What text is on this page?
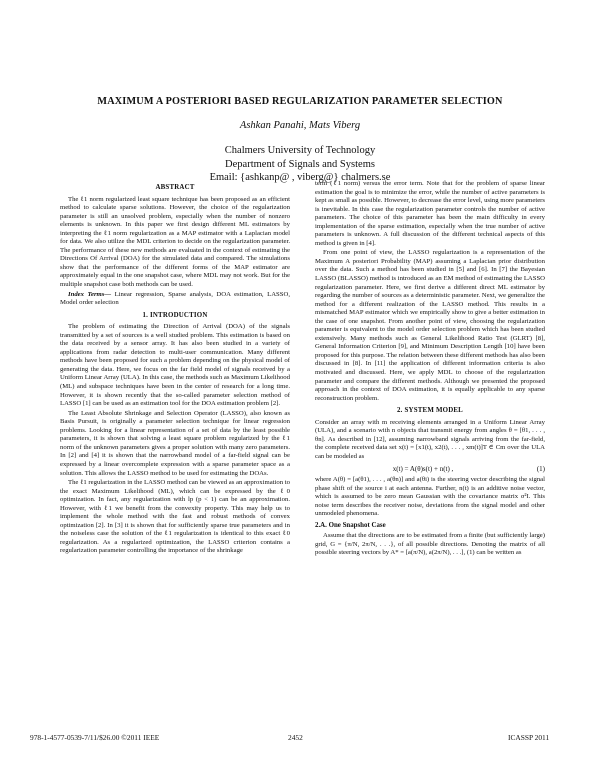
MAXIMUM A POSTERIORI BASED REGULARIZATION PARAMETER SELECTION
Ashkan Panahi, Mats Viberg
Chalmers University of Technology
Department of Signals and Systems
Email: {ashkanp@ , viberg@} chalmers.se
ABSTRACT

The ℓ1 norm regularized least square technique has been proposed as an efficient method to calculate sparse solutions. However, the choice of the regularization parameter is still an unsolved problem, especially when the number of nonzero elements is unknown. In this paper we first design different ML estimators by interpreting the ℓ1 norm regularization as a MAP estimator with a Laplacian model for data. We also utilize the MDL criterion to decide on the regularization parameter. The performance of these new methods are evaluated in the context of estimating the Directions Of Arrival (DOA) for the simulated data and compared. The simulations show that the performance of the different forms of the MAP estimator are approximately equal in the one snapshot case, where MDL may not work. But for the multiple snapshot case both methods can be used.

Index Terms— Linear regression, Sparse analysis, DOA estimation, LASSO, Model order selection

1. INTRODUCTION

The problem of estimating the Direction of Arrival (DOA) of the signals transmitted by a set of sources is a well studied problem. This estimation is based on the data received by a sensor array. It has also been studied in a variety of applications from radar detection to multi-user communication. Many different methods have been proposed for such a problem depending on the physical model of generating the data. Here, we focus on the far field model of signals received by a Uniform Linear Array (ULA). In this case, the methods such as Maximum Likelihood (ML) and subspace techniques have been in the center of research for a long time. However, it is shown recently that the so-called parameter selection method of LASSO [1] can be used as an estimation tool for the DOA estimation problem [2].

The Least Absolute Shrinkage and Selection Operator (LASSO), also known as Basis Pursuit, is originally a parameter selection technique for linear regression problems. Looking for a linear representation of a set of data by the least possible parameters, it is shown that solving a least square problem regularized by the ℓ1 norm of the unknown parameters gives a proper solution with many zero parameters. In [2] and [4] it is shown that the narrowband model of a far-field signal can be expressed by a linear overcomplete expression with a sparse parameter space as a solution. This allows the LASSO method to be used for estimating the DOAs.

The ℓ1 regularization in the LASSO method can be viewed as an approximation to the exact Maximum Likelihood (ML), which can be expressed by the ℓ0 optimization. In fact, any regularization with lp (p < 1) can be an approximation. However, with ℓ1 we benefit from the convexity property. This may help us to implement the whole method with the fast and robust methods of convex optimization [2]. In [3] it is shown that for sufficiently sparse true parameters and in the noiseless case the solution of the ℓ1 regularization is identical to this exact ℓ0 regularization. As a regularized optimization, the LASSO criterion contains a regularization parameter controlling the importance of the shrinkage

term (ℓ1 norm) versus the error term. Note that for the problem of sparse linear estimation the goal is to minimize the error, while the number of active parameters is kept as small as possible. However, to decrease the error level, using more parameters is inevitable. In this case the regularization parameter controls the number of active parameters. The choice of this parameter has been the main difficulty in every implementation of the sparse estimation, especially when the true number of active parameters is unknown. A full discussion of the different technical aspects of this method is given in [4].

From one point of view, the LASSO regularization is a representation of the Maximum A posteriori Probability (MAP) assuming a Laplacian prior distribution over the data. Such a method has been studied in [5] and [6]. In [7] the Bayesian LASSO (BLASSO) method is introduced as an EM method of estimating the LASSO regularization parameter. Here, we first derive a different direct ML estimator by regarding the number of sources as a deterministic parameter. Next, we generalize the method for a different realization of the LASSO method. This results in a mismatched MAP estimator which we empirically show to give a better estimation in the case of one snapshot. From another point of view, choosing the regularization parameter is equivalent to the model order selection problem which has been studied extensively. Many methods such as General Likelihood Ratio Test (GLRT) [8], General Information Criterion [9], and Minimum Description Length [10] have been proposed for this purpose. The relation between these different methods has also been discussed in [8]. In [11] the application of different information criteria is also motivated and discussed. Here, we apply MDL to choose of the regularization parameter and compare the different methods. Although we presented the proposed approach in the context of DOA estimation, it is equally applicable to any sparse reconstruction problem.

2. SYSTEM MODEL

Consider an array with m receiving elements arranged in a Uniform Linear Array (ULA), and a scenario with n objects that transmit energy from angles θ = [θ1, . . . , θn]. As described in [12], assuming narrowband signals arriving from the far-field, the complete received data set x(t) = [x1(t), x2(t), . . . , xm(t)]T ∈ Cm over the ULA can be modeled as

x(t) = A(θ)s(t) + n(t) ,	(1)

where A(θ) = [a(θ1), . . . , a(θn)] and a(θi) is the steering vector describing the signal phase shift of the source i at each antenna. Further, n(t) is an additive noise vector, which is assumed to be zero mean Gaussian with the covariance matrix σ²I. This noise term describes the receiver noise, deviations from the signal model and other unmodeled phenomena.

2.A. One Snapshot Case

Assume that the directions are to be estimated from a finite (but sufficiently large) grid, G = {π/N, 2π/N, . . .}, of all possible directions. Denoting the matrix of all possible steering vectors by A* = [a(π/N), a(2π/N), . . .], (1) can be written as

978-1-4577-0539-7/11/$26.00 ©2011 IEEE	2452	ICASSP 2011
